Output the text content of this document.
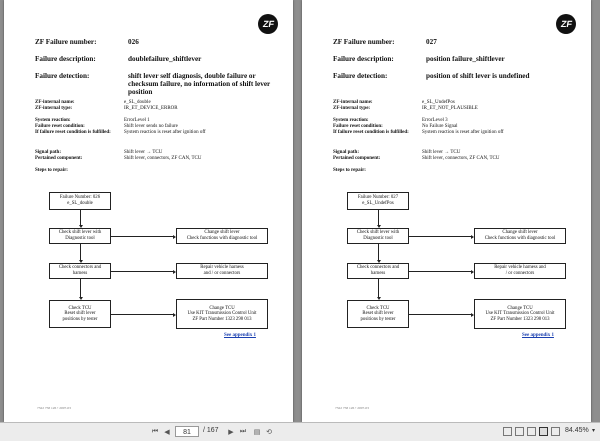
ZF
ZF Failure number:	026
Failure description:	doublefailure_shiftlever
Failure detection:	shift lever self diagnosis, double failure or checksum failure, no information of shift lever position
ZF-internal name:	e_SL_double
ZF-internal type:	IR_ET_DEVICE_ERROR
System reaction:	ErrorLevel 1
Failure reset condition:	Shift lever sends no failure
If failure reset condition is fulfilled:	System reaction is reset after ignition off
Signal path:	Shift lever → TCU
Pertained component:	Shift lever, connectors, ZF CAN, TCU
Steps to repair:
Failure Number: 026
e_SL_double
Check shift lever with
Diagnostic tool
Change shift lever
Check functions with diagnostic tool
Check connectors and
harness
Repair vehicle harness
and / or connectors
Check TCU
Reset shift lever
positions by tester
Change TCU
Use KIT Transmission Control Unit
ZF Part Number 1323 298 013
See appendix 1
7322 758 126 • 2007-03
ZF
ZF Failure number:	027
Failure description:	position failure_shiftlever
Failure detection:	position of shift lever is undefined
ZF-internal name:	e_SL_UndefPos
ZF-internal type:	IR_ET_NOT_PLAUSIBLE
System reaction:	ErrorLevel 3
Failure reset condition:	No Failure Signal
If failure reset condition is fulfilled:	System reaction is reset after ignition off
Signal path:	Shift lever → TCU
Pertained component:	Shift lever, connectors, ZF CAN, TCU
Steps to repair:
Failure Number: 027
e_SL_UndefPos
Check shift lever with
Diagnostic tool
Change shift lever
Check functions with diagnostic tool
Check connectors and
harness
Repair vehicle harness and
/ or connectors
Check TCU
Reset shift lever
positions by tester
Change TCU
Use KIT Transmission Control Unit
ZF Part Number 1323 298 013
See appendix 1
7322 758 126 • 2007-03
⏮ ◀	81	/ 167	▶ ⏭ ▤ ⟲	84.45% ▾
